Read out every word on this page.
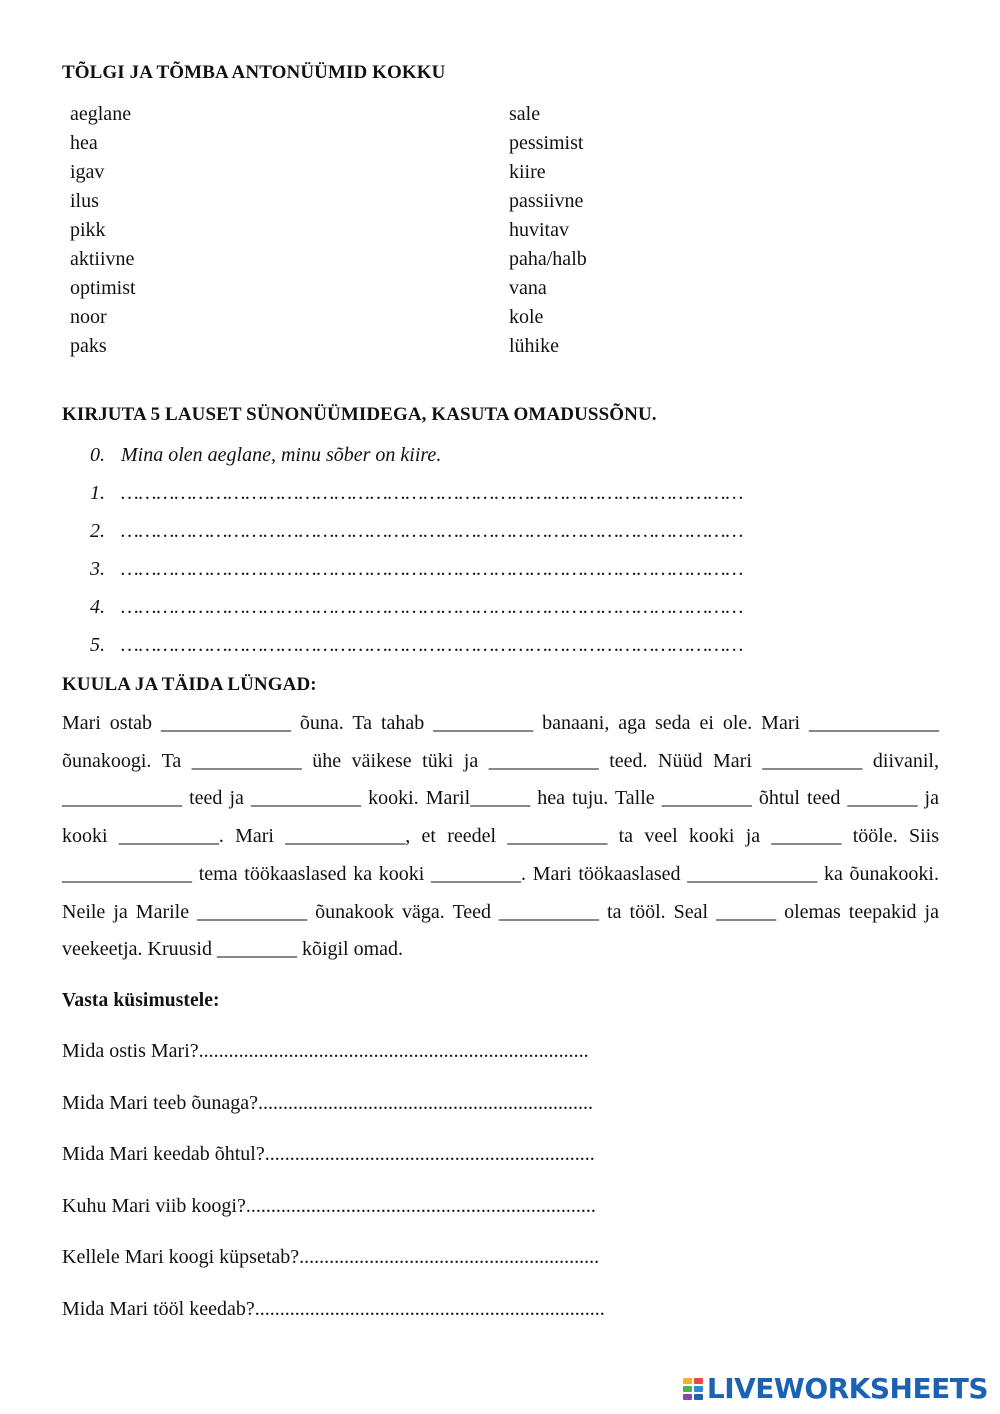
TÕLGI JA TÕMBA ANTONÜÜMID KOKKU
aeglane
hea
igav
ilus
pikk
aktiivne
optimist
noor
paks
sale
pessimist
kiire
passiivne
huvitav
paha/halb
vana
kole
lühike
KIRJUTA 5 LAUSET SÜNONÜÜMIDEGA, KASUTA OMADUSSÕNU.
0. Mina olen aeglane, minu sõber on kiire.
1. ……………………………………………………………………………………………
2. ……………………………………………………………………………………………
3. ……………………………………………………………………………………………
4. ……………………………………………………………………………………………
5. ……………………………………………………………………………………………
KUULA JA TÄIDA LÜNGAD:
Mari ostab _____________ õuna. Ta tahab __________ banaani, aga seda ei ole. Mari _____________ õunakoogi. Ta ___________ ühe väikese tüki ja ___________ teed. Nüüd Mari __________ diivanil, ____________ teed ja ___________ kooki. Maril______ hea tuju. Talle _________ õhtul teed _______ ja kooki __________. Mari ____________, et reedel __________ ta veel kooki ja _______ tööle. Siis _____________ tema töökaaslased ka kooki _________. Mari töökaaslased _____________ ka õunakooki. Neile ja Marile ___________ õunakook väga. Teed __________ ta tööl. Seal ______ olemas teepakid ja veekeetja. Kruusid ________ kõigil omad.
Vasta küsimustele:
Mida ostis Mari?..............................................................................
Mida Mari teeb õunaga?...................................................................
Mida Mari keedab õhtul?..................................................................
Kuhu Mari viib koogi?......................................................................
Kellele Mari koogi küpsetab?............................................................
Mida Mari tööl keedab?......................................................................
LIVEWORKSHEETS
